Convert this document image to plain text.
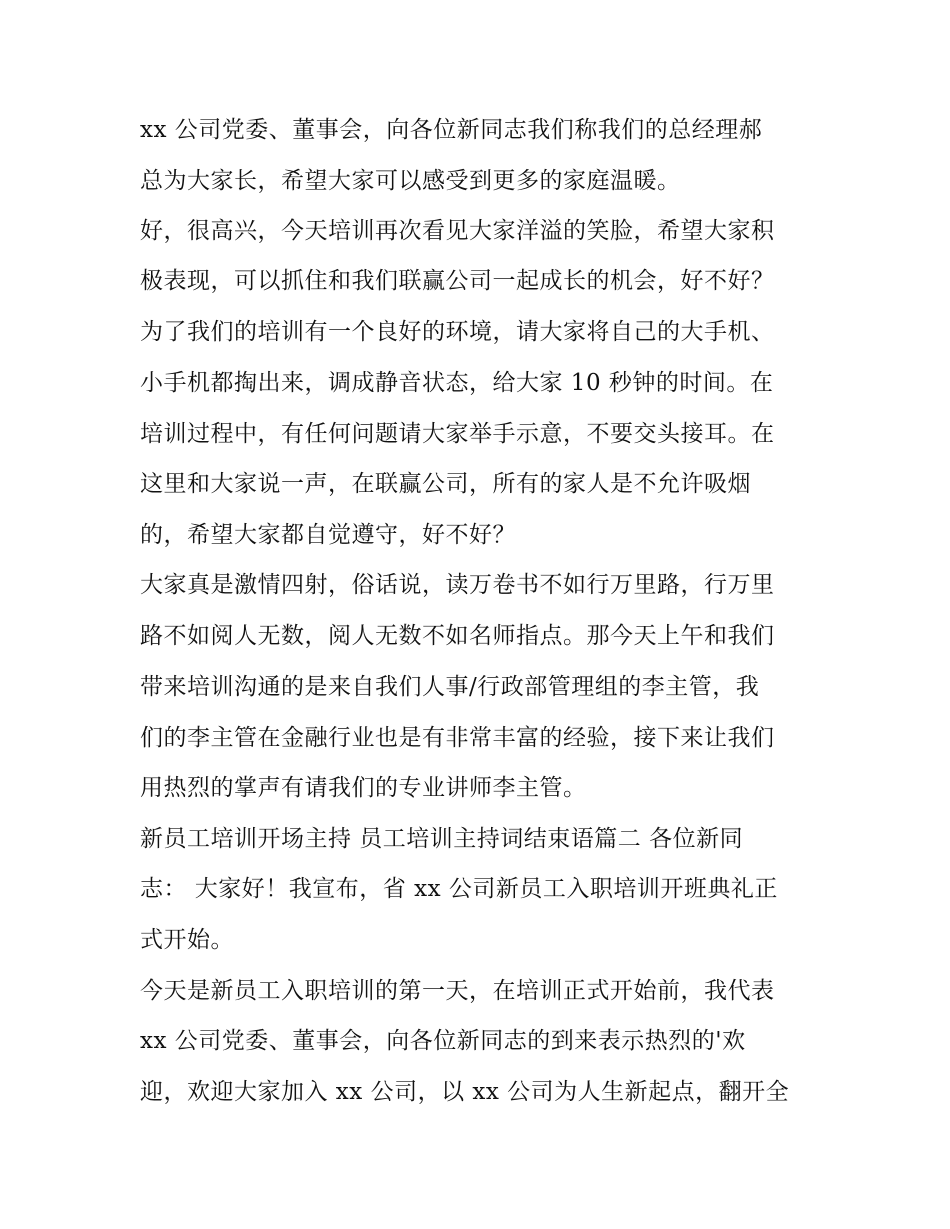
xx 公司党委、董事会，向各位新同志我们称我们的总经理郝
总为大家长，希望大家可以感受到更多的家庭温暖。
好，很高兴，今天培训再次看见大家洋溢的笑脸，希望大家积
极表现，可以抓住和我们联赢公司一起成长的机会，好不好？
为了我们的培训有一个良好的环境，请大家将自己的大手机、
小手机都掏出来，调成静音状态，给大家 10 秒钟的时间。在
培训过程中，有任何问题请大家举手示意，不要交头接耳。在
这里和大家说一声，在联赢公司，所有的家人是不允许吸烟
的，希望大家都自觉遵守，好不好？
大家真是激情四射，俗话说，读万卷书不如行万里路，行万里
路不如阅人无数，阅人无数不如名师指点。那今天上午和我们
带来培训沟通的是来自我们人事/行政部管理组的李主管，我
们的李主管在金融行业也是有非常丰富的经验，接下来让我们
用热烈的掌声有请我们的专业讲师李主管。
新员工培训开场主持 员工培训主持词结束语篇二 各位新同
志： 大家好！我宣布，省 xx 公司新员工入职培训开班典礼正
式开始。
今天是新员工入职培训的第一天，在培训正式开始前，我代表
xx 公司党委、董事会，向各位新同志的到来表示热烈的'欢
迎，欢迎大家加入 xx 公司，以 xx 公司为人生新起点，翻开全
